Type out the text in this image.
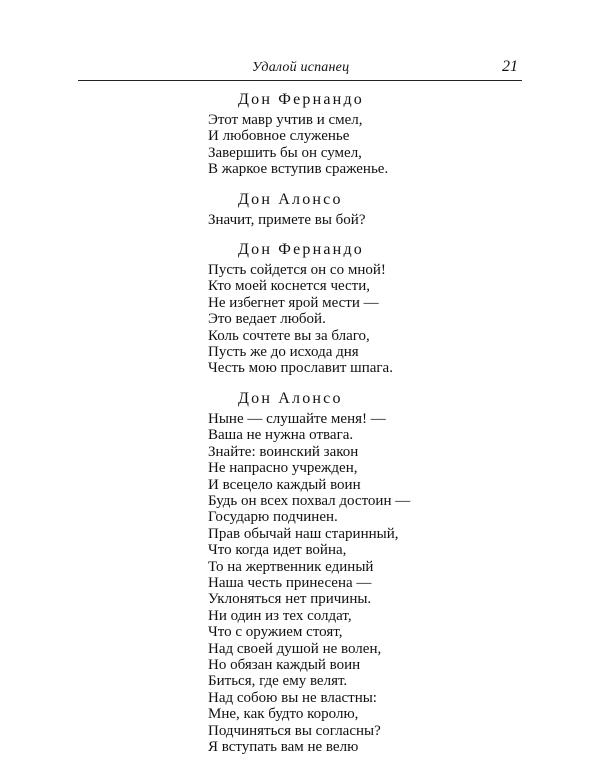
Удалой испанец	21
Дон Фернандо
Этот мавр учтив и смел,
И любовное служенье
Завершить бы он сумел,
В жаркое вступив сраженье.
Дон Алонсо
Значит, примете вы бой?
Дон Фернандо
Пусть сойдется он со мной!
Кто моей коснется чести,
Не избегнет ярой мести —
Это ведает любой.
Коль сочтете вы за благо,
Пусть же до исхода дня
Честь мою прославит шпага.
Дон Алонсо
Ныне — слушайте меня! —
Ваша не нужна отвага.
Знайте: воинский закон
Не напрасно учрежден,
И всецело каждый воин
Будь он всех похвал достоин —
Государю подчинен.
Прав обычай наш старинный,
Что когда идет война,
То на жертвенник единый
Наша честь принесена —
Уклоняться нет причины.
Ни один из тех солдат,
Что с оружием стоят,
Над своей душой не волен,
Но обязан каждый воин
Биться, где ему велят.
Над собою вы не властны:
Мне, как будто королю,
Подчиняться вы согласны?
Я вступать вам не велю
